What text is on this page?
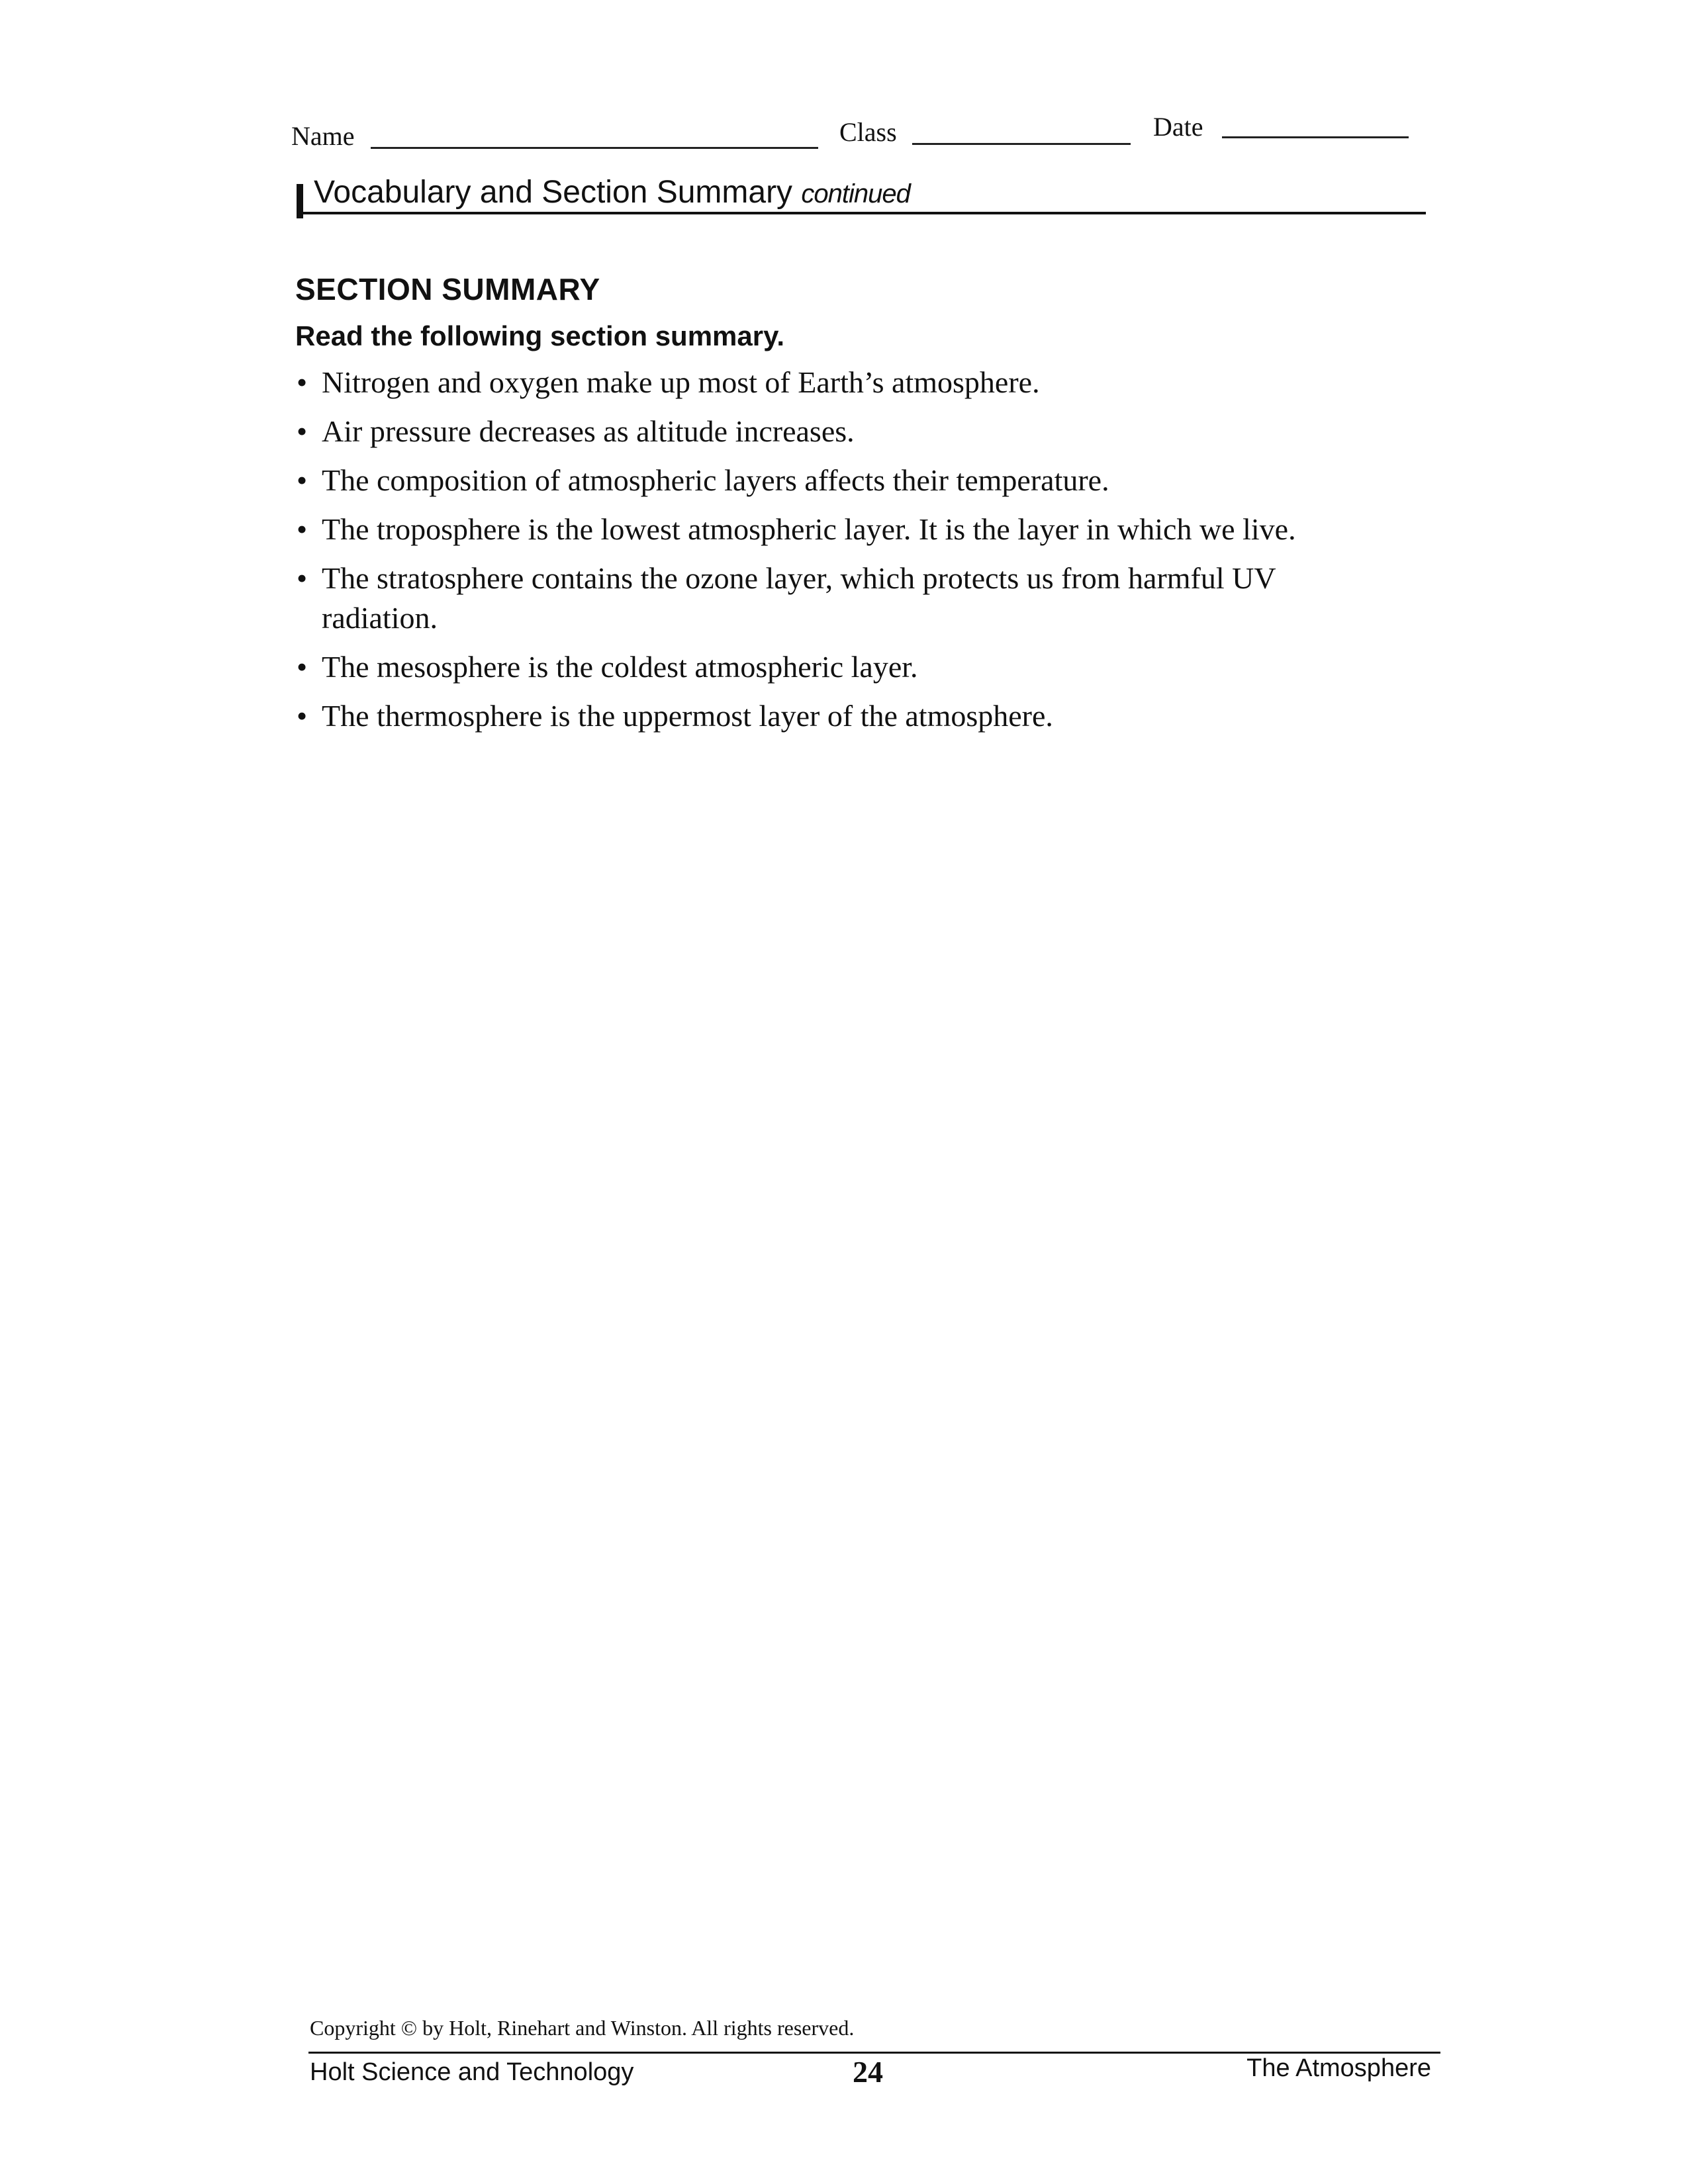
Name	Class	Date
Vocabulary and Section Summary continued
SECTION SUMMARY
Read the following section summary.
• Nitrogen and oxygen make up most of Earth’s atmosphere.
• Air pressure decreases as altitude increases.
• The composition of atmospheric layers affects their temperature.
• The troposphere is the lowest atmospheric layer. It is the layer in which we live.
• The stratosphere contains the ozone layer, which protects us from harmful UV radiation.
• The mesosphere is the coldest atmospheric layer.
• The thermosphere is the uppermost layer of the atmosphere.
Copyright © by Holt, Rinehart and Winston. All rights reserved.
Holt Science and Technology	24	The Atmosphere
